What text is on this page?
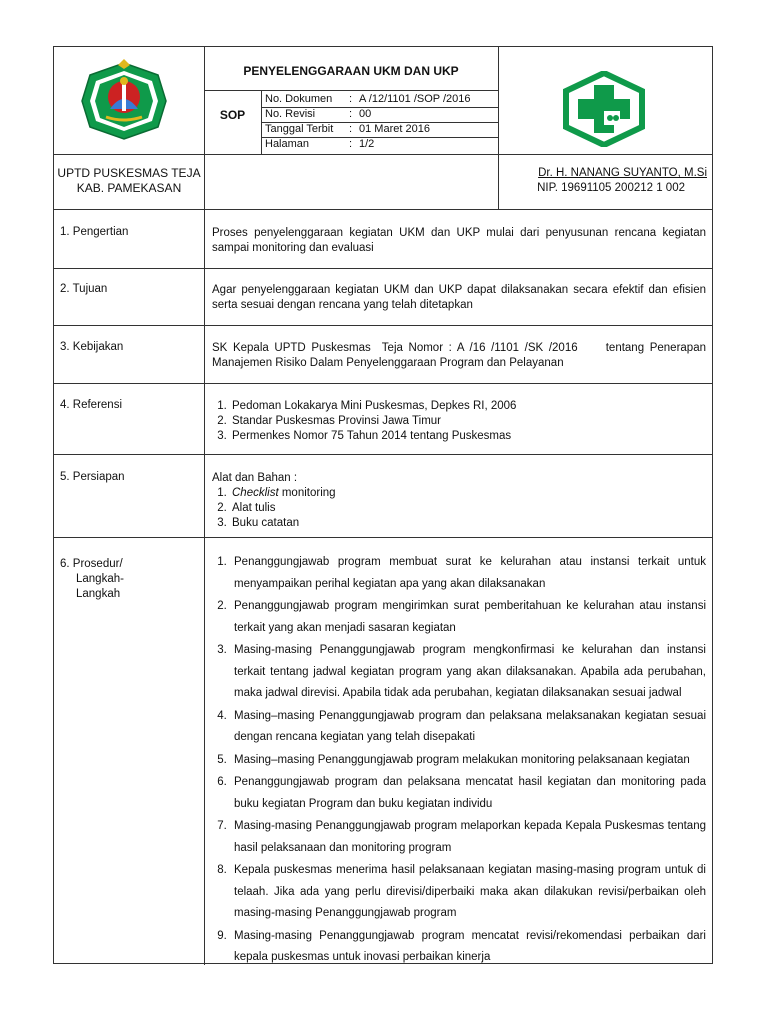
PENYELENGGARAAN UKM DAN UKP
SOP
No. Dokumen : A /12/1101 /SOP /2016
No. Revisi	: 00
Tanggal Terbit : 01 Maret 2016
Halaman	: 1/2
UPTD PUSKESMAS TEJA
KAB. PAMEKASAN
Dr. H. NANANG SUYANTO, M.Si
NIP. 19691105 200212 1 002
1. Pengertian	Proses penyelenggaraan kegiatan UKM dan UKP mulai dari penyusunan rencana kegiatan sampai monitoring dan evaluasi
2. Tujuan	Agar penyelenggaraan kegiatan UKM dan UKP dapat dilaksanakan secara efektif dan efisien serta sesuai dengan rencana yang telah ditetapkan
3. Kebijakan	SK Kepala UPTD Puskesmas  Teja Nomor : A /16 /1101 /SK /2016     tentang Penerapan Manajemen Risiko Dalam Penyelenggaraan Program dan Pelayanan
4. Referensi
1.	Pedoman Lokakarya Mini Puskesmas, Depkes RI, 2006
2. Standar Puskesmas Provinsi Jawa Timur
3. Permenkes Nomor 75 Tahun 2014 tentang Puskesmas
5. Persiapan	Alat dan Bahan :
1. Checklist monitoring
2. Alat tulis
3. Buku catatan
6. Prosedur/
Langkah-
Langkah
1. Penanggungjawab program membuat surat ke kelurahan atau instansi terkait untuk menyampaikan perihal kegiatan apa yang akan dilaksanakan
2. Penanggungjawab program mengirimkan surat pemberitahuan ke kelurahan atau instansi terkait yang akan menjadi sasaran kegiatan
3. Masing-masing Penanggungjawab program mengkonfirmasi ke kelurahan dan instansi terkait tentang jadwal kegiatan program yang akan dilaksanakan. Apabila ada perubahan, maka jadwal direvisi. Apabila tidak ada perubahan, kegiatan dilaksanakan sesuai jadwal
4. Masing–masing Penanggungjawab program dan pelaksana melaksanakan kegiatan sesuai dengan rencana kegiatan yang telah disepakati
5. Masing–masing Penanggungjawab program melakukan monitoring pelaksanaan kegiatan
6. Penanggungjawab program dan pelaksana mencatat hasil kegiatan dan monitoring pada buku kegiatan Program dan buku kegiatan individu
7. Masing-masing Penanggungjawab program melaporkan kepada Kepala Puskesmas tentang hasil pelaksanaan dan monitoring program
8. Kepala puskesmas menerima hasil pelaksanaan kegiatan masing-masing program untuk di telaah. Jika ada yang perlu direvisi/diperbaiki maka akan dilakukan revisi/perbaikan oleh masing-masing Penanggungjawab program
9. Masing-masing Penanggungjawab program mencatat revisi/rekomendasi perbaikan dari kepala puskesmas untuk inovasi perbaikan kinerja
